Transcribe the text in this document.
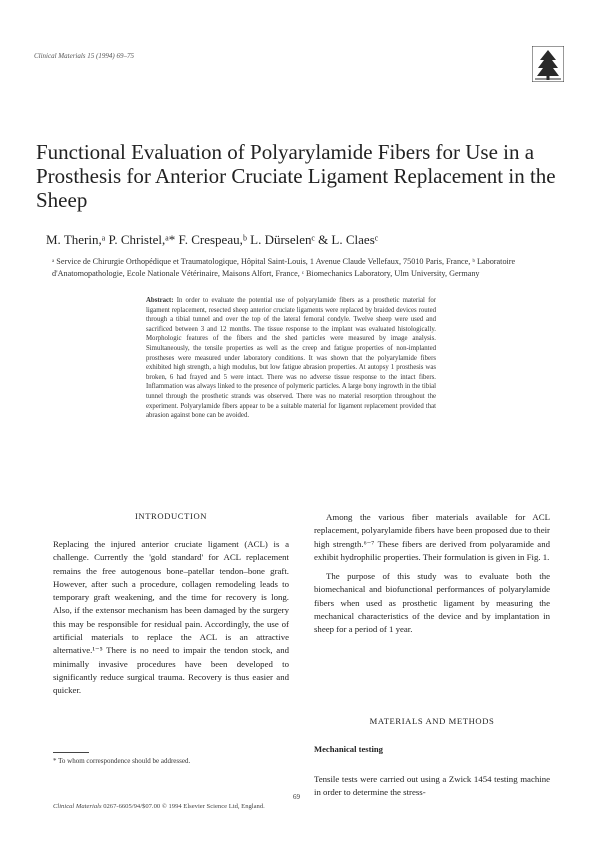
Clinical Materials 15 (1994) 69–75
Functional Evaluation of Polyarylamide Fibers for Use in a Prosthesis for Anterior Cruciate Ligament Replacement in the Sheep
M. Therin,ᵃ P. Christel,ᵃ* F. Crespeau,ᵇ L. Dürselenᶜ & L. Claesᶜ
ᵃ Service de Chirurgie Orthopédique et Traumatologique, Hôpital Saint-Louis, 1 Avenue Claude Vellefaux, 75010 Paris, France, ᵇ Laboratoire d'Anatomopathologie, Ecole Nationale Vétérinaire, Maisons Alfort, France, ᶜ Biomechanics Laboratory, Ulm University, Germany
Abstract: In order to evaluate the potential use of polyarylamide fibers as a prosthetic material for ligament replacement, resected sheep anterior cruciate ligaments were replaced by braided devices routed through a tibial tunnel and over the top of the lateral femoral condyle. Twelve sheep were used and sacrificed between 3 and 12 months. The tissue response to the implant was evaluated histologically. Morphologic features of the fibers and the shed particles were measured by image analysis. Simultaneously, the tensile properties as well as the creep and fatigue properties of non-implanted prostheses were measured under laboratory conditions. It was shown that the polyarylamide fibers exhibited high strength, a high modulus, but low fatigue abrasion properties. At autopsy 1 prosthesis was broken, 6 had frayed and 5 were intact. There was no adverse tissue response to the intact fibers. Inflammation was always linked to the presence of polymeric particles. A large bony ingrowth in the tibial tunnel through the prosthetic strands was observed. There was no material resorption throughout the experiment. Polyarylamide fibers appear to be a suitable material for ligament replacement provided that abrasion against bone can be avoided.
INTRODUCTION

Replacing the injured anterior cruciate ligament (ACL) is a challenge. Currently the 'gold standard' for ACL replacement remains the free autogenous bone–patellar tendon–bone graft. However, after such a procedure, collagen remodeling leads to temporary graft weakening, and the time for recovery is long. Also, if the extensor mechanism has been damaged by the surgery this may be responsible for residual pain. Accordingly, the use of artificial materials to replace the ACL is an attractive alternative.¹⁻⁵ There is no need to impair the tendon stock, and minimally invasive procedures have been developed to significantly reduce surgical trauma. Recovery is thus easier and quicker.

Among the various fiber materials available for ACL replacement, polyarylamide fibers have been proposed due to their high strength.⁶⁻⁷ These fibers are derived from polyaramide and exhibit hydrophilic properties. Their formulation is given in Fig. 1.

The purpose of this study was to evaluate both the biomechanical and biofunctional performances of polyarylamide fibers when used as prosthetic ligament by measuring the mechanical characteristics of the device and by implantation in sheep for a period of 1 year.

MATERIALS AND METHODS
Mechanical testing

Tensile tests were carried out using a Zwick 1454 testing machine in order to determine the stress-

* To whom correspondence should be addressed.
69
Clinical Materials 0267-6605/94/$07.00 © 1994 Elsevier Science Ltd, England.
